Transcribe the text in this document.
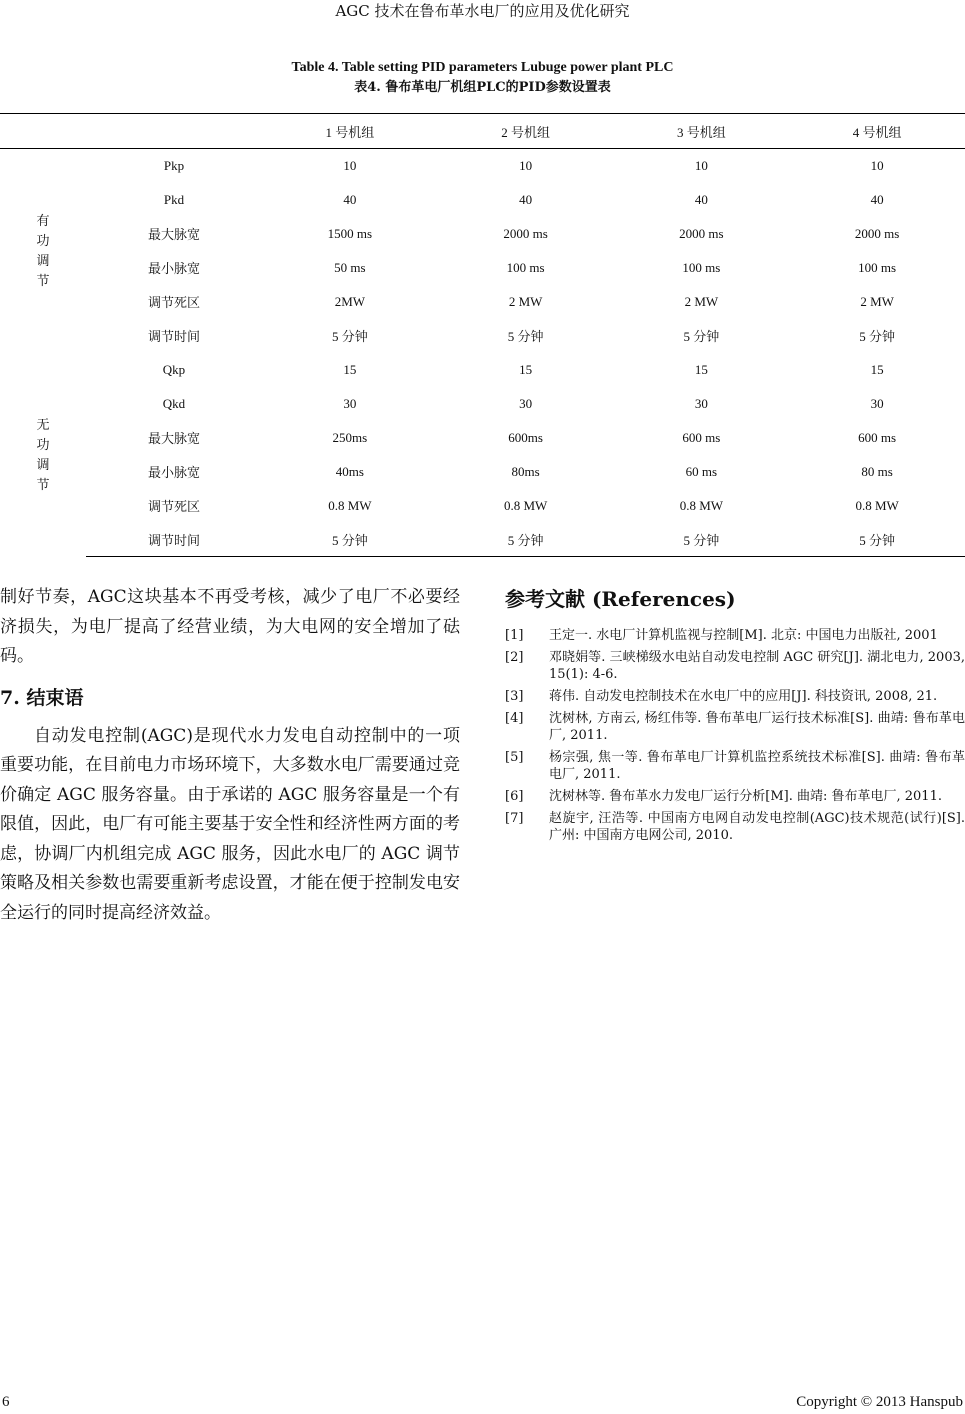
AGC 技术在鲁布革水电厂的应用及优化研究
Table 4. Table setting PID parameters Lubuge power plant PLC
表4. 鲁布革电厂机组PLC的PID参数设置表
		1 号机组	2 号机组	3 号机组	4 号机组
有功调节	Pkp	10	10	10	10
	Pkd	40	40	40	40
	最大脉宽	1500 ms	2000 ms	2000 ms	2000 ms
	最小脉宽	50 ms	100 ms	100 ms	100 ms
	调节死区	2MW	2 MW	2 MW	2 MW
	调节时间	5 分钟	5 分钟	5 分钟	5 分钟
无功调节	Qkp	15	15	15	15
	Qkd	30	30	30	30
	最大脉宽	250ms	600ms	600 ms	600 ms
	最小脉宽	40ms	80ms	60 ms	80 ms
	调节死区	0.8 MW	0.8 MW	0.8 MW	0.8 MW
	调节时间	5 分钟	5 分钟	5 分钟	5 分钟

制好节奏，AGC这块基本不再受考核，减少了电厂不必要经济损失，为电厂提高了经营业绩，为大电网的安全增加了砝码。

7. 结束语

自动发电控制(AGC)是现代水力发电自动控制中的一项重要功能，在目前电力市场环境下，大多数水电厂需要通过竞价确定 AGC 服务容量。由于承诺的 AGC 服务容量是一个有限值，因此，电厂有可能主要基于安全性和经济性两方面的考虑，协调厂内机组完成 AGC 服务，因此水电厂的 AGC 调节策略及相关参数也需要重新考虑设置，才能在便于控制发电安全运行的同时提高经济效益。

参考文献 (References)
[1]	王定一. 水电厂计算机监视与控制[M]. 北京: 中国电力出版社, 2001
[2]	邓晓娟等. 三峡梯级水电站自动发电控制 AGC 研究[J]. 湖北电力, 2003, 15(1): 4-6.
[3]	蒋伟. 自动发电控制技术在水电厂中的应用[J]. 科技资讯, 2008, 21.
[4]	沈树林, 方南云, 杨红伟等. 鲁布革电厂运行技术标准[S]. 曲靖: 鲁布革电厂, 2011.
[5]	杨宗强, 焦一等. 鲁布革电厂计算机监控系统技术标准[S]. 曲靖: 鲁布革电厂, 2011.
[6]	沈树林等. 鲁布革水力发电厂运行分析[M]. 曲靖: 鲁布革电厂, 2011.
[7]	赵旋宇, 汪浩等. 中国南方电网自动发电控制(AGC)技术规范(试行)[S]. 广州: 中国南方电网公司, 2010.
6	Copyright © 2013 Hanspub
